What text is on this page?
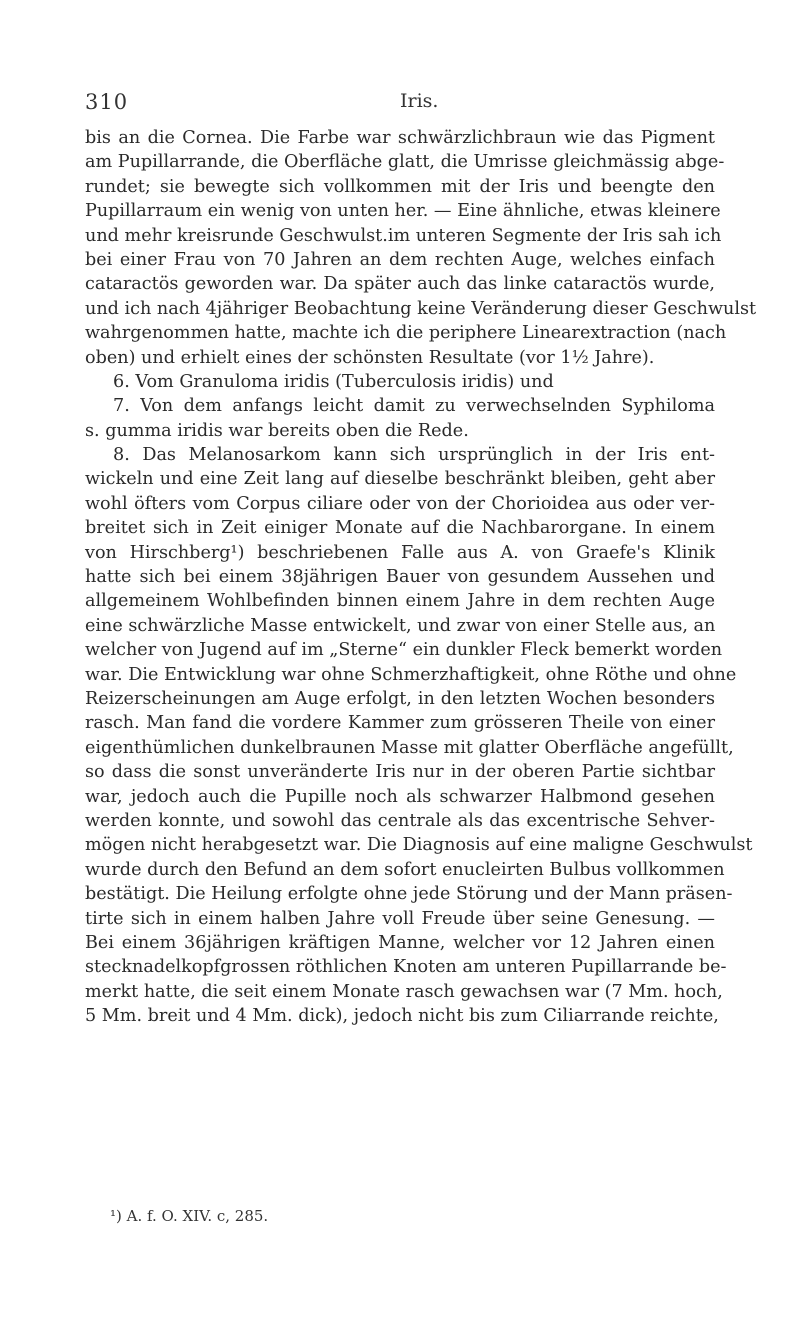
310	Iris.
bis an die Cornea. Die Farbe war schwärzlichbraun wie das Pigment
am Pupillarrande, die Oberfläche glatt, die Umrisse gleichmässig abge-
rundet; sie bewegte sich vollkommen mit der Iris und beengte den
Pupillarraum ein wenig von unten her. — Eine ähnliche, etwas kleinere
und mehr kreisrunde Geschwulst.im unteren Segmente der Iris sah ich
bei einer Frau von 70 Jahren an dem rechten Auge, welches einfach
cataractös geworden war. Da später auch das linke cataractös wurde,
und ich nach 4jähriger Beobachtung keine Veränderung dieser Geschwulst
wahrgenommen hatte, machte ich die periphere Linearextraction (nach
oben) und erhielt eines der schönsten Resultate (vor 1½ Jahre).
6. Vom Granuloma iridis (Tuberculosis iridis) und
7. Von dem anfangs leicht damit zu verwechselnden Syphiloma
s. gumma iridis war bereits oben die Rede.
8. Das Melanosarkom kann sich ursprünglich in der Iris ent-
wickeln und eine Zeit lang auf dieselbe beschränkt bleiben, geht aber
wohl öfters vom Corpus ciliare oder von der Chorioidea aus oder ver-
breitet sich in Zeit einiger Monate auf die Nachbarorgane. In einem
von Hirschberg¹) beschriebenen Falle aus A. von Graefe's Klinik
hatte sich bei einem 38jährigen Bauer von gesundem Aussehen und
allgemeinem Wohlbefinden binnen einem Jahre in dem rechten Auge
eine schwärzliche Masse entwickelt, und zwar von einer Stelle aus, an
welcher von Jugend auf im „Sterne“ ein dunkler Fleck bemerkt worden
war. Die Entwicklung war ohne Schmerzhaftigkeit, ohne Röthe und ohne
Reizerscheinungen am Auge erfolgt, in den letzten Wochen besonders
rasch. Man fand die vordere Kammer zum grösseren Theile von einer
eigenthümlichen dunkelbraunen Masse mit glatter Oberfläche angefüllt,
so dass die sonst unveränderte Iris nur in der oberen Partie sichtbar
war, jedoch auch die Pupille noch als schwarzer Halbmond gesehen
werden konnte, und sowohl das centrale als das excentrische Sehver-
mögen nicht herabgesetzt war. Die Diagnosis auf eine maligne Geschwulst
wurde durch den Befund an dem sofort enucleirten Bulbus vollkommen
bestätigt. Die Heilung erfolgte ohne jede Störung und der Mann präsen-
tirte sich in einem halben Jahre voll Freude über seine Genesung. —
Bei einem 36jährigen kräftigen Manne, welcher vor 12 Jahren einen
stecknadelkopfgrossen röthlichen Knoten am unteren Pupillarrande be-
merkt hatte, die seit einem Monate rasch gewachsen war (7 Mm. hoch,
5 Mm. breit und 4 Mm. dick), jedoch nicht bis zum Ciliarrande reichte,
¹) A. f. O. XIV. c, 285.
